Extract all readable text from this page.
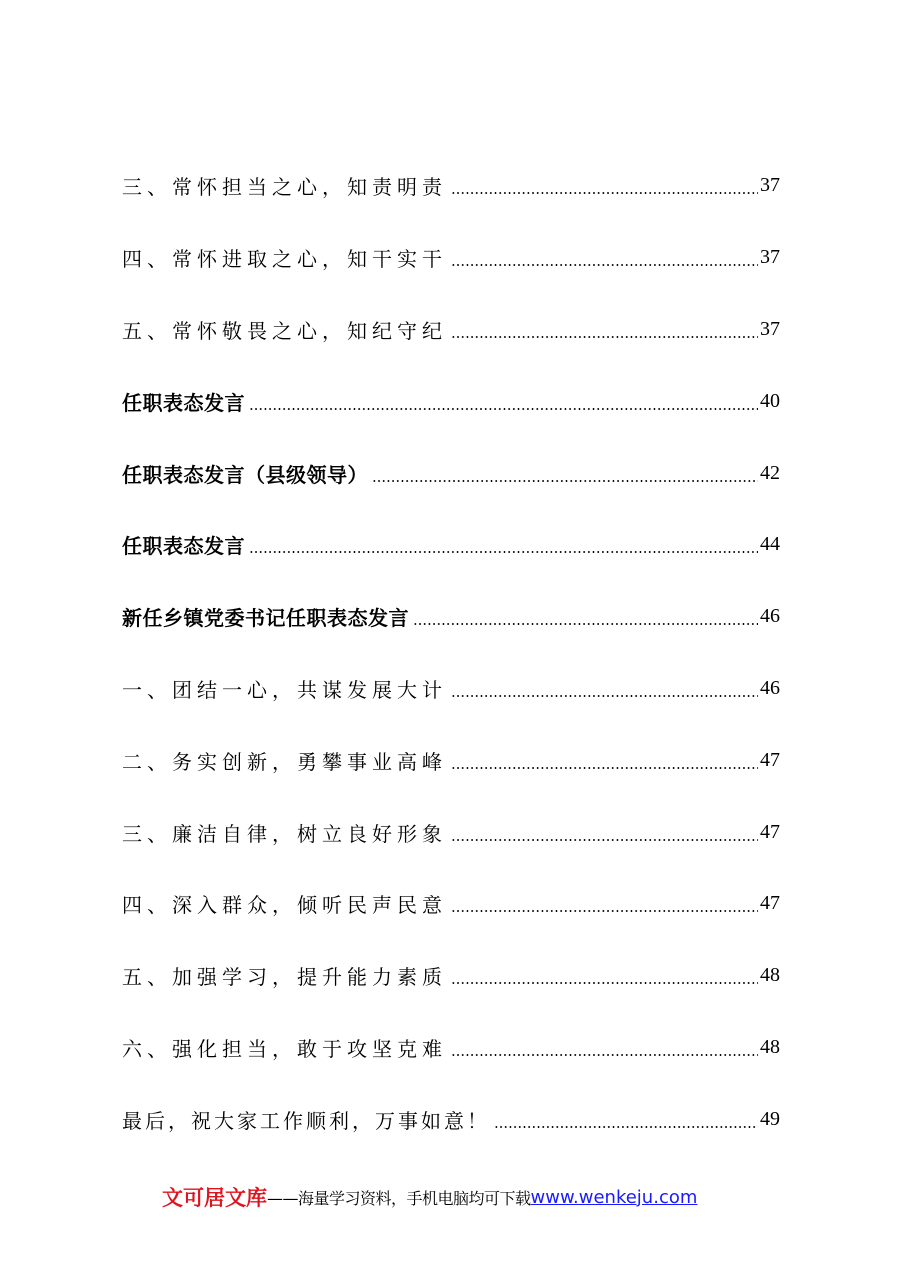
三、常怀担当之心，知责明责	37
四、常怀进取之心，知干实干	37
五、常怀敬畏之心，知纪守纪	37
任职表态发言	40
任职表态发言（县级领导）	42
任职表态发言	44
新任乡镇党委书记任职表态发言	46
一、团结一心，共谋发展大计	46
二、务实创新，勇攀事业高峰	47
三、廉洁自律，树立良好形象	47
四、深入群众，倾听民声民意	47
五、加强学习，提升能力素质	48
六、强化担当，敢于攻坚克难	48
最后，祝大家工作顺利，万事如意！	49
文可居文库 ——海量学习资料，手机电脑均可下载 www.wenkeju.com
